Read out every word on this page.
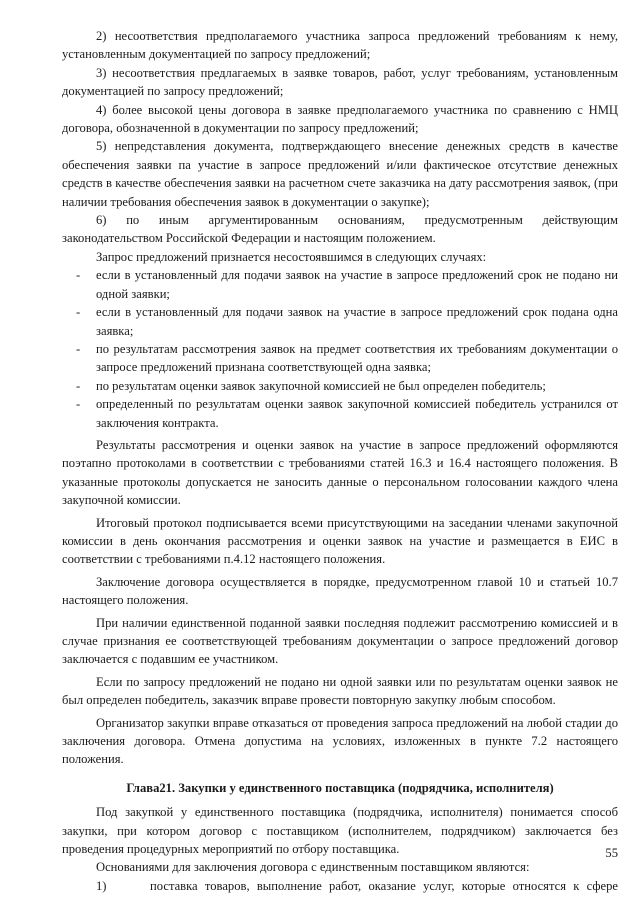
2) несоответствия предполагаемого участника запроса предложений требованиям к нему, установленным документацией по запросу предложений;

3) несоответствия предлагаемых в заявке товаров, работ, услуг требованиям, установленным документацией по запросу предложений;

4) более высокой цены договора в заявке предполагаемого участника по сравнению с НМЦ договора, обозначенной в документации по запросу предложений;

5) непредставления документа, подтверждающего внесение денежных средств в качестве обеспечения заявки па участие в запросе предложений и/или фактическое отсутствие денежных средств в качестве обеспечения заявки на расчетном счете заказчика на дату рассмотрения заявок, (при наличии требования обеспечения заявок в документации о закупке);

6) по иным аргументированным основаниям, предусмотренным действующим законодательством Российской Федерации и настоящим положением.

Запрос предложений признается несостоявшимся в следующих случаях:

- если в установленный для подачи заявок на участие в запросе предложений срок не подано ни одной заявки;
- если в установленный для подачи заявок на участие в запросе предложений срок подана одна заявка;
- по результатам рассмотрения заявок на предмет соответствия их требованиям документации о запросе предложений признана соответствующей одна заявка;
- по результатам оценки заявок закупочной комиссией не был определен победитель;
- определенный по результатам оценки заявок закупочной комиссией победитель устранился от заключения контракта.

Результаты рассмотрения и оценки заявок на участие в запросе предложений оформляются поэтапно протоколами в соответствии с требованиями статей 16.3 и 16.4 настоящего положения. В указанные протоколы допускается не заносить данные о персональном голосовании каждого члена закупочной комиссии.

Итоговый протокол подписывается всеми присутствующими на заседании членами закупочной комиссии в день окончания рассмотрения и оценки заявок на участие и размещается в ЕИС в соответствии с требованиями п.4.12 настоящего положения.

Заключение договора осуществляется в порядке, предусмотренном главой 10 и статьей 10.7 настоящего положения.

При наличии единственной поданной заявки последняя подлежит рассмотрению комиссией и в случае признания ее соответствующей требованиям документации о запросе предложений договор заключается с подавшим ее участником.

Если по запросу предложений не подано ни одной заявки или по результатам оценки заявок не был определен победитель, заказчик вправе провести повторную закупку любым способом.

Организатор закупки вправе отказаться от проведения запроса предложений на любой стадии до заключения договора. Отмена допустима на условиях, изложенных в пункте 7.2 настоящего положения.

Глава21. Закупки у единственного поставщика (подрядчика, исполнителя)

Под закупкой у единственного поставщика (подрядчика, исполнителя) понимается способ закупки, при котором договор с поставщиком (исполнителем, подрядчиком) заключается без проведения процедурных мероприятий по отбору поставщика.

Основаниями для заключения договора с единственным поставщиком являются:

1)	поставка товаров, выполнение работ, оказание услуг, которые относятся к сфере
55
